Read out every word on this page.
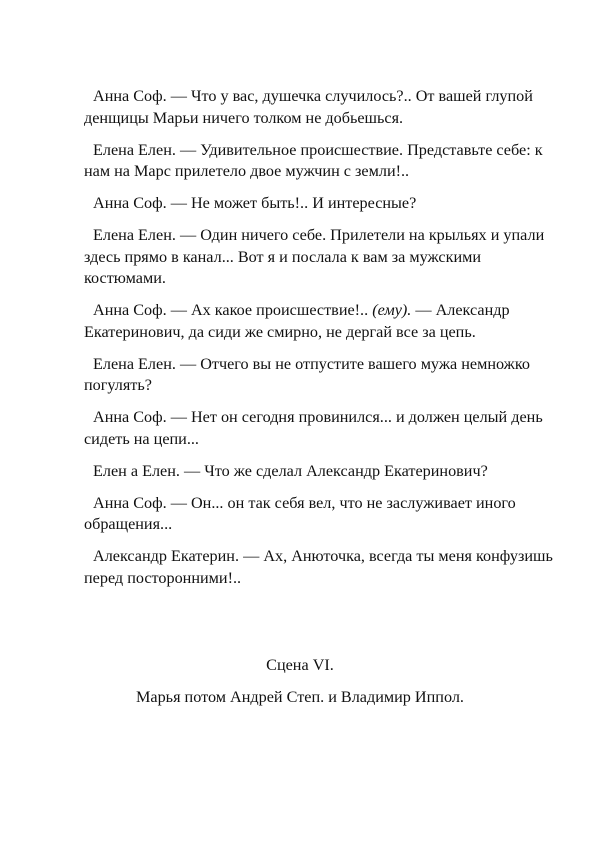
Анна Соф. — Что у вас, душечка случилось?.. От вашей глупой денщицы Марьи ничего толком не добьешься.

Елена Елен. — Удивительное происшествие. Представьте себе: к нам на Марс прилетело двое мужчин с земли!..

Анна Соф. — Не может быть!.. И интересные?

Елена Елен. — Один ничего себе. Прилетели на крыльях и упали здесь прямо в канал... Вот я и послала к вам за мужскими костюмами.

Анна Соф. — Ах какое происшествие!.. (ему). — Александр Екатеринович, да сиди же смирно, не дергай все за цепь.

Елена Елен. — Отчего вы не отпустите вашего мужа немножко погулять?

Анна Соф. — Нет он сегодня провинился... и должен целый день сидеть на цепи...

Елен а Елен. — Что же сделал Александр Екатеринович?

Анна Соф. — Он... он так себя вел, что не заслуживает иного обращения...

Александр Екатерин. — Ах, Анюточка, всегда ты меня конфузишь перед посторонними!..

Сцена VI.
Марья потом Андрей Степ. и Владимир Иппол.
